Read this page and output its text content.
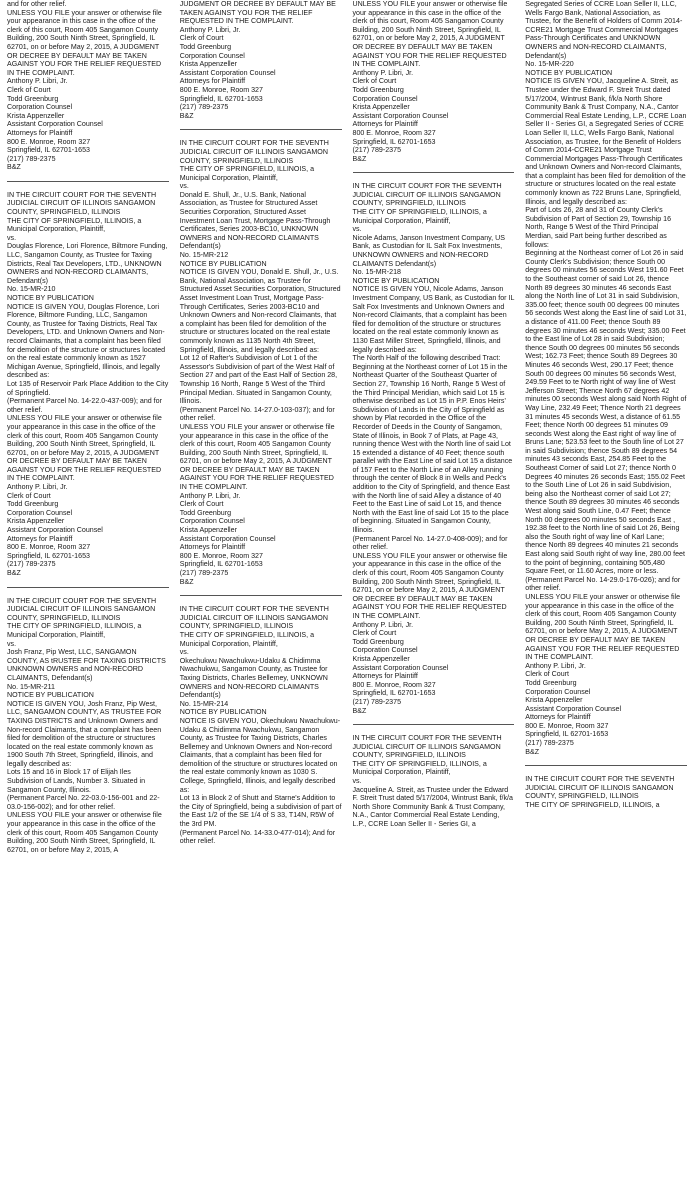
and for other relief.
UNLESS YOU FILE your answer or otherwise file your appearance in this case in the office of the clerk of this court, Room 405 Sangamon County Building, 200 South Ninth Street, Springfield, IL 62701, on or before May 2, 2015, A JUDGMENT OR DECREE BY DEFAULT MAY BE TAKEN AGAINST YOU FOR THE RELIEF REQUESTED IN THE COMPLAINT.
Anthony P. Libri, Jr.
Clerk of Court
Todd Greenburg
Corporation Counsel
Krista Appenzeller
Assistant Corporation Counsel
Attorneys for Plaintiff
800 E. Monroe, Room 327
Springfield, IL 62701-1653
(217) 789-2375
B&Z

IN THE CIRCUIT COURT FOR THE SEVENTH JUDICIAL CIRCUIT OF ILLINOIS SANGAMON COUNTY, SPRINGFIELD, ILLINOIS
THE CITY OF SPRINGFIELD, ILLINOIS, a Municipal Corporation, Plaintiff,
vs.
Douglas Florence, Lori Florence, Biltmore Funding, LLC, Sangamon County, as Trustee for Taxing Districts, Real Tax Developers, LTD., UNKNOWN OWNERS and NON-RECORD CLAIMANTS, Defendant(s)
No. 15-MR-210
NOTICE BY PUBLICATION
NOTICE IS GIVEN YOU, Douglas Florence, Lori Florence, Biltmore Funding, LLC, Sangamon County, as Trustee for Taxing Districts, Real Tax Developers, LTD. and Unknown Owners and Non-record Claimants, that a complaint has been filed for demolition of the structure or structures located on the real estate commonly known as 1527 Michigan Avenue, Springfield, Illinois, and legally described as:
Lot 135 of Reservoir Park Place Addition to the City of Springfield.
(Permanent Parcel No. 14-22.0-437-009); and for other relief.
UNLESS YOU FILE your answer or otherwise file your appearance in this case in the office of the clerk of this court, Room 405 Sangamon County Building, 200 South Ninth Street, Springfield, IL 62701, on or before May 2, 2015, A JUDGMENT OR DECREE BY DEFAULT MAY BE TAKEN AGAINST YOU FOR THE RELIEF REQUESTED IN THE COMPLAINT.
Anthony P. Libri, Jr.
Clerk of Court
Todd Greenburg
Corporation Counsel
Krista Appenzeller
Assistant Corporation Counsel
Attorneys for Plaintiff
800 E. Monroe, Room 327
Springfield, IL 62701-1653
(217) 789-2375
B&Z

IN THE CIRCUIT COURT FOR THE SEVENTH JUDICIAL CIRCUIT OF ILLINOIS SANGAMON COUNTY, SPRINGFIELD, ILLINOIS
THE CITY OF SPRINGFIELD, ILLINOIS, a Municipal Corporation, Plaintiff,
vs.
Josh Franz, Pip West, LLC, SANGAMON COUNTY, AS tRUSTEE FOR TAXING DISTRICTS UNKNOWN OWNERS and NON-RECORD CLAIMANTS, Defendant(s)
No. 15-MR-211
NOTICE BY PUBLICATION
NOTICE IS GIVEN YOU, Josh Franz, Pip West, LLC, SANGAMON COUNTY, AS TRUSTEE FOR TAXING DISTRICTS and Unknown Owners and Non-record Claimants, that a complaint has been filed for demolition of the structure or structures located on the real estate commonly known as 1900 South 7th Street, Springfield, Illinois, and legally described as:
Lots 15 and 16 in Block 17 of Elijah Iles Subdivision of Lands, Number 3. Situated in Sangamon County, Illinois.
(Permanent Parcel No. 22-03.0-156-001 and 22-03.0-156-002); and for other relief.
UNLESS YOU FILE your answer or otherwise file your appearance in this case in the office of the clerk of this court, Room 405 Sangamon County Building, 200 South Ninth Street, Springfield, IL 62701, on or before May 2, 2015, A

JUDGMENT OR DECREE BY DEFAULT MAY BE TAKEN AGAINST YOU FOR THE RELIEF REQUESTED IN THE COMPLAINT.
Anthony P. Libri, Jr.
Clerk of Court
Todd Greenburg
Corporation Counsel
Krista Appenzeller
Assistant Corporation Counsel
Attorneys for Plaintiff
800 E. Monroe, Room 327
Springfield, IL 62701-1653
(217) 789-2375
B&Z

IN THE CIRCUIT COURT FOR THE SEVENTH JUDICIAL CIRCUIT OF ILLINOIS SANGAMON COUNTY, SPRINGFIELD, ILLINOIS
THE CITY OF SPRINGFIELD, ILLINOIS, a Municipal Corporation, Plaintiff,
vs.
Donald E. Shull, Jr., U.S. Bank, National Association, as Trustee for Structured Asset Securities Corporation, Structured Asset Investment Loan Trust, Mortgage Pass-Through Certificates, Series 2003-BC10, UNKNOWN OWNERS and NON-RECORD CLAIMANTS Defendant(s)
No. 15-MR-212
NOTICE BY PUBLICATION
NOTICE IS GIVEN YOU, Donald E. Shull, Jr., U.S. Bank, National Association, as Trustee for Structured Asset Securities Corporation, Structured Asset Investment Loan Trust, Mortgage Pass-Through Certificates, Series 2003-BC10 and Unknown Owners and Non-record Claimants, that a complaint has been filed for demolition of the structure or structures located on the real estate commonly known as 1135 North 4th Street, Springfield, Illinois, and legally described as:
Lot 12 of Rafter's Subdivision of Lot 1 of the Assessor's Subdivision of part of the West Half of Section 27 and part of the East Half of Section 28, Township 16 North, Range 5 West of the Third Principal Median. Situated in Sangamon County, Illinois.
(Permanent Parcel No. 14-27.0-103-037); and for other relief.
UNLESS YOU FILE your answer or otherwise file your appearance in this case in the office of the clerk of this court, Room 405 Sangamon County Building, 200 South Ninth Street, Springfield, IL 62701, on or before May 2, 2015, A JUDGMENT OR DECREE BY DEFAULT MAY BE TAKEN AGAINST YOU FOR THE RELIEF REQUESTED IN THE COMPLAINT.
Anthony P. Libri, Jr.
Clerk of Court
Todd Greenburg
Corporation Counsel
Krista Appenzeller
Assistant Corporation Counsel
Attorneys for Plaintiff
800 E. Monroe, Room 327
Springfield, IL 62701-1653
(217) 789-2375
B&Z

IN THE CIRCUIT COURT FOR THE SEVENTH JUDICIAL CIRCUIT OF ILLINOIS SANGAMON COUNTY, SPRINGFIELD, ILLINOIS
THE CITY OF SPRINGFIELD, ILLINOIS, a Municipal Corporation, Plaintiff,
vs.
Okechukwu Nwachukwu-Udaku & Chidimma Nwachukwu, Sangamon County, as Trustee for Taxing Districts, Charles Bellemey, UNKNOWN OWNERS and NON-RECORD CLAIMANTS
Defendant(s)
No. 15-MR-214
NOTICE BY PUBLICATION
NOTICE IS GIVEN YOU, Okechukwu Nwachukwu-Udaku & Chidimma Nwachukwu, Sangamon County, as Trustee for Taxing Districts, Charles Bellemey and Unknown Owners and Non-record Claimants, that a complaint has been filed for demolition of the structure or structures located on the real estate commonly known as 1030 S. College, Springfield, Illinois, and legally described as:
Lot 13 in Block 2 of Shutt and Starne's Addition to the City of Springfield, being a subdivision of part of the East 1/2 of the SE 1/4 of S 33, T14N, R5W of the 3rd PM.
(Permanent Parcel No. 14-33.0-477-014); And for other relief.

UNLESS YOU FILE your answer or otherwise file your appearance in this case in the office of the clerk of this court, Room 405 Sangamon County Building, 200 South Ninth Street, Springfield, IL 62701, on or before May 2, 2015, A JUDGMENT OR DECREE BY DEFAULT MAY BE TAKEN AGAINST YOU FOR THE RELIEF REQUESTED IN THE COMPLAINT.
Anthony P. Libri, Jr.
Clerk of Court
Todd Greenburg
Corporation Counsel
Krista Appenzeller
Assistant Corporation Counsel
Attorneys for Plaintiff
800 E. Monroe, Room 327
Springfield, IL 62701-1653
(217) 789-2375
B&Z

IN THE CIRCUIT COURT FOR THE SEVENTH JUDICIAL CIRCUIT OF ILLINOIS SANGAMON COUNTY, SPRINGFIELD, ILLINOIS
THE CITY OF SPRINGFIELD, ILLINOIS, a Municipal Corporation, Plaintiff,
vs.
Nicole Adams, Janson Investment Company, US Bank, as Custodian for IL Salt Fox Investments, UNKNOWN OWNERS and NON-RECORD CLAIMANTS Defendant(s)
No. 15-MR-218
NOTICE BY PUBLICATION
NOTICE IS GIVEN YOU, Nicole Adams, Janson Investment Company, US Bank, as Custodian for IL Salt Fox Investments and Unknown Owners and Non-record Claimants, that a complaint has been filed for demolition of the structure or structures located on the real estate commonly known as 1130 East Miller Street, Springfield, Illinois, and legally described as:
The North Half of the following described Tract: Beginning at the Northeast corner of Lot 15 in the Northeast Quarter of the Southeast Quarter of Section 27, Township 16 North, Range 5 West of the Third Principal Meridian, which said Lot 15 is otherwise described as Lot 15 in P.P. Enos Heirs' Subdivision of Lands in the City of Springfield as shown by Plat recorded in the Office of the Recorder of Deeds in the County of Sangamon, State of Illinois, in Book 7 of Plats, at Page 43, running thence West with the North line of said Lot 15 extended a distance of 40 Feet; thence south parallel with the East Line of said Lot 15 a distance of 157 Feet to the North Line of an Alley running through the center of Block 8 in Wells and Peck's addition to the City of Springfield, and thence East with the North line of said Alley a distance of 40 Feet to the East Line of said Lot 15, and thence North with the East line of said Lot 15 to the place of beginning. Situated in Sangamon County, Illinois.
(Permanent Parcel No. 14-27.0-408-009); and for other relief.
UNLESS YOU FILE your answer or otherwise file your appearance in this case in the office of the clerk of this court, Room 405 Sangamon County Building, 200 South Ninth Street, Springfield, IL 62701, on or before May 2, 2015, A JUDGMENT OR DECREE BY DEFAULT MAY BE TAKEN AGAINST YOU FOR THE RELIEF REQUESTED IN THE COMPLAINT.
Anthony P. Libri, Jr.
Clerk of Court
Todd Greenburg
Corporation Counsel
Krista Appenzeller
Assistant Corporation Counsel
Attorneys for Plaintiff
800 E. Monroe, Room 327
Springfield, IL 62701-1653
(217) 789-2375
B&Z

IN THE CIRCUIT COURT FOR THE SEVENTH JUDICIAL CIRCUIT OF ILLINOIS SANGAMON COUNTY, SPRINGFIELD, ILLINOIS
THE CITY OF SPRINGFIELD, ILLINOIS, a Municipal Corporation, Plaintiff,
vs.
Jacqueline A. Streit, as Trustee under the Edward F. Streit Trust dated 5/17/2004, Wintrust Bank, f/k/a North Shore Community Bank & Trust Company, N.A., Cantor Commercial Real Estate Lending, L.P., CCRE Loan Seller II - Series GI, a

Segregated Series of CCRE Loan Seller II, LLC, Wells Fargo Bank, National Association, as Trustee, for the Benefit of Holders of Comm 2014-CCRE21 Mortgage Trust Commercial Mortgages Pass-Through Certificates and UNKNOWN OWNERS and NON-RECORD CLAIMANTS, Defendant(s)
No. 15-MR-220
NOTICE BY PUBLICATION
NOTICE IS GIVEN YOU, Jacqueline A. Streit, as Trustee under the Edward F. Streit Trust dated 5/17/2004, Wintrust Bank, f/k/a North Shore Community Bank & Trust Company, N.A., Cantor Commercial Real Estate Lending, L.P., CCRE Loan Seller II - Series GI, a Segregated Series of CCRE Loan Seller II, LLC, Wells Fargo Bank, National Association, as Trustee, for the Benefit of Holders of Comm 2014-CCRE21 Mortgage Trust Commercial Mortgages Pass-Through Certificates and Unknown Owners and Non-record Claimants, that a complaint has been filed for demolition of the structure or structures located on the real estate commonly known as 722 Bruns Lane, Springfield, Illinois, and legally described as:
Part of Lots 26, 28 and 31 of County Clerk's Subdivision of Part of Section 29, Township 16 North, Range 5 West of the Third Principal Merdian, said Part being further described as follows:
Beginning at the Northeast corner of Lot 26 in said County Clerk's Subdivision; thence South 00 degrees 00 minutes 56 seconds West 191.60 Feet to the Southeast corner of said Lot 26, thence North 89 degrees 30 minutes 46 seconds East along the North line of Lot 31 in said Subdivision, 335.00 feet; thence south 00 degrees 00 minutes 56 seconds West along the East line of said Lot 31, a distance of 411.00 Feet; thence South 89 degrees 30 minutes 46 seconds West; 335.00 Feet to the East line of Lot 28 in said Subdivision; thence South 00 degrees 00 minutes 56 seconds West; 162.73 Feet; thence South 89 Degrees 30 Minutes 46 seconds West, 290.17 Feet; thence South 00 degrees 00 minutes 56 seconds West, 249.59 Feet to te North right of way line of West Jefferson Street; Thence North 67 degrees 42 minutes 00 seconds West along said North Right of Way Line, 232.49 Feet; Thence North 21 degrees 31 minutes 45 seconds West, a distance of 61.55 Feet; thence North 00 degrees 51 minutes 09 seconds West along the East right of way line of Bruns Lane; 523.53 feet to the South line of Lot 27 in said Subdivision; thence South 89 degrees 54 minutes 43 seconds East, 254.85 Feet to the Southeast Corner of said Lot 27; thence North 0 Degrees 40 minutes 26 seconds East; 155.02 Feet to the South Line of Lot 26 in said Subdivision, being also the Northeast corner of said Lot 27; thence South 89 degrees 30 minutes 46 seconds West along said South Line, 0.47 Feet; thence North 00 degrees 00 minutes 50 seconds East , 192.38 feet to the North line of said Lot 26, Being also the South right of way line of Karl Lane; thence North 89 degrees 40 minutes 21 seconds East along said South right of way line, 280.00 feet to the point of beginning, containing 505,480 Square Feet, or 11.60 Acres, more or less.
(Permanent Parcel No. 14-29.0-176-026); and for other relief.
UNLESS YOU FILE your answer or otherwise file your appearance in this case in the office of the clerk of this court, Room 405 Sangamon County Building, 200 South Ninth Street, Springfield, IL 62701, on or before May 2, 2015, A JUDGMENT OR DECREE BY DEFAULT MAY BE TAKEN AGAINST YOU FOR THE RELIEF REQUESTED IN THE COMPLAINT.
Anthony P. Libri, Jr.
Clerk of Court
Todd Greenburg
Corporation Counsel
Krista Appenzeller
Assistant Corporation Counsel
Attorneys for Plaintiff
800 E. Monroe, Room 327
Springfield, IL 62701-1653
(217) 789-2375
B&Z

IN THE CIRCUIT COURT FOR THE SEVENTH JUDICIAL CIRCUIT OF ILLINOIS SANGAMON COUNTY, SPRINGFIELD, ILLINOIS
THE CITY OF SPRINGFIELD, ILLINOIS, a
